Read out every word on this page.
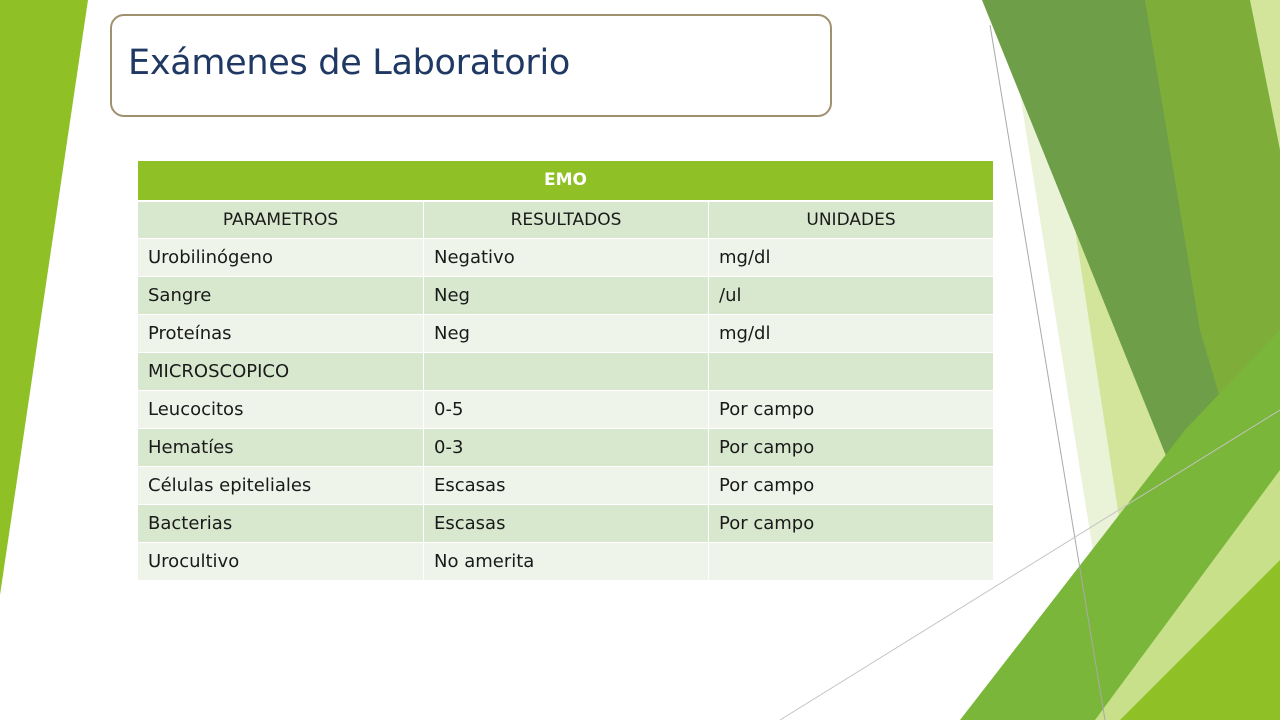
Exámenes de Laboratorio
EMO		
PARAMETROS	RESULTADOS	UNIDADES
Urobilinógeno	Negativo	mg/dl
Sangre	Neg	/ul
Proteínas	Neg	mg/dl
MICROSCOPICO		
Leucocitos	0-5	Por campo
Hematíes	0-3	Por campo
Células epiteliales	Escasas	Por campo
Bacterias	Escasas	Por campo
Urocultivo	No amerita	
